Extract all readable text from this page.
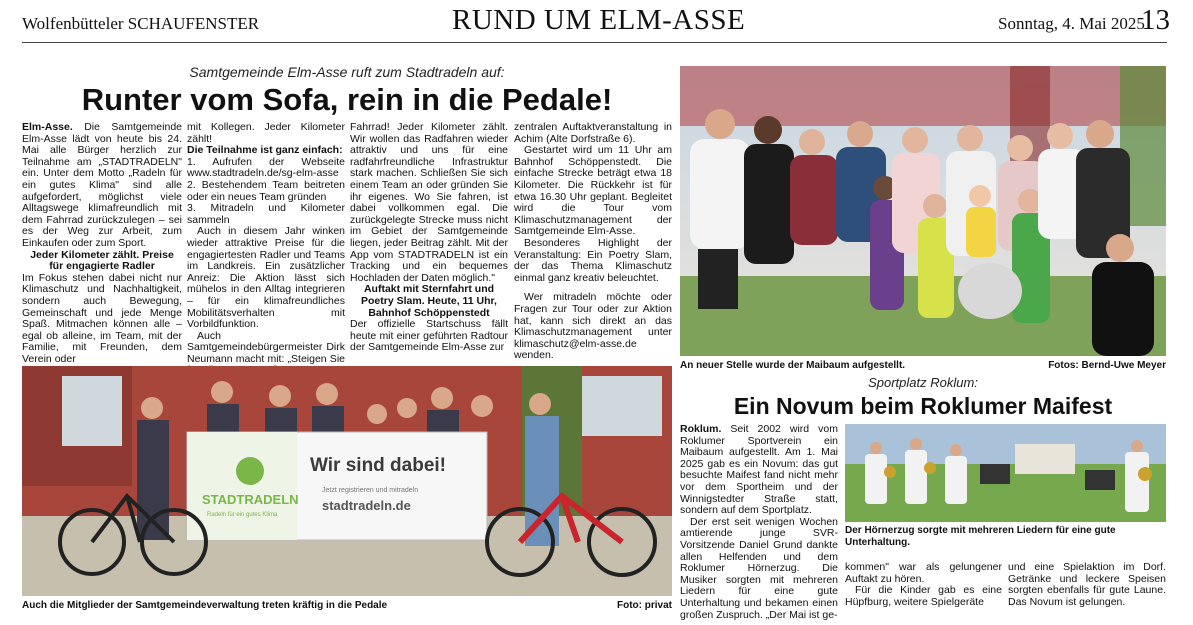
Wolfenbütteler SCHAUFENSTER	RUND UM ELM-ASSE	Sonntag, 4. Mai 2025
13
Samtgemeinde Elm-Asse ruft zum Stadtradeln auf:
Runter vom Sofa, rein in die Pedale!

Elm-Asse. Die Samtgemeinde Elm-Asse lädt von heute bis 24. Mai alle Bürger herzlich zur Teilnahme am „STADTRADELN" ein. Unter dem Motto „Radeln für ein gutes Klima" sind alle aufgefordert, möglichst viele Alltagswege klimafreundlich mit dem Fahrrad zurückzulegen – sei es der Weg zur Arbeit, zum Einkaufen oder zum Sport.

Jeder Kilometer zählt. Preise für engagierte Radler

Im Fokus stehen dabei nicht nur Klimaschutz und Nachhaltigkeit, sondern auch Bewegung, Gemeinschaft und jede Menge Spaß. Mitmachen können alle – egal ob alleine, im Team, mit der Familie, mit Freunden, dem Verein oder

mit Kollegen. Jeder Kilometer zählt!

Die Teilnahme ist ganz einfach:

1. Aufrufen der Webseite www.stadtradeln.de/sg-elm-asse

2. Bestehendem Team beitreten oder ein neues Team gründen

3. Mitradeln und Kilometer sammeln

Auch in diesem Jahr winken wieder attraktive Preise für die engagiertesten Radler und Teams im Landkreis. Ein zusätzlicher Anreiz: Die Aktion lässt sich mühelos in den Alltag integrieren – für ein klimafreundliches Mobilitätsverhalten mit Vorbildfunktion.

Auch Samtgemeindebürgermeister Dirk Neumann macht mit: „Steigen Sie

Fahrrad! Jeder Kilometer zählt. Wir wollen das Radfahren wieder attraktiv und uns für eine radfahrfreundliche Infrastruktur stark machen. Schließen Sie sich einem Team an oder gründen Sie ihr eigenes. Wo Sie fahren, ist dabei vollkommen egal. Die zurückgelegte Strecke muss nicht im Gebiet der Samtgemeinde liegen, jeder Beitrag zählt. Mit der App vom STADTRADELN ist ein Tracking und ein bequemes Hochladen der Daten möglich."

Auftakt mit Sternfahrt und Poetry Slam. Heute, 11 Uhr, Bahnhof Schöppenstedt

Der offizielle Startschuss fällt heute mit einer geführten Radtour der Samtgemeinde Elm-Asse zur

zentralen Auftaktveranstaltung in Achim (Alte Dorfstraße 6).

Gestartet wird um 11 Uhr am Bahnhof Schöppenstedt. Die einfache Strecke beträgt etwa 18 Kilometer. Die Rückkehr ist für etwa 16.30 Uhr geplant. Begleitet wird die Tour vom Klimaschutzmanagement der Samtgemeinde Elm-Asse.

Besonderes Highlight der Veranstaltung: Ein Poetry Slam, der das Thema Klimaschutz einmal ganz kreativ beleuchtet.

Wer mitradeln möchte oder Fragen zur Tour oder zur Aktion hat, kann sich direkt an das Klimaschutzmanagement unter klimaschutz@elm-asse.de wenden.

An neuer Stelle wurde der Maibaum aufgestellt.	Fotos: Bernd-Uwe Meyer
STADTRADELN
Radeln für ein gutes Klima
Wir sind dabei!
Jetzt registrieren und mitradeln
stadtradeln.de
Auch die Mitglieder der Samtgemeindeverwaltung treten kräftig in die Pedale	Foto: privat
Sportplatz Roklum:
Ein Novum beim Roklumer Maifest

Roklum. Seit 2002 wird vom Roklumer Sportverein ein Maibaum aufgestellt. Am 1. Mai 2025 gab es ein Novum: das gut besuchte Maifest fand nicht mehr vor dem Sportheim und der Winnigstedter Straße statt, sondern auf dem Sportplatz.

Der erst seit wenigen Wochen amtierende junge SVR-Vorsitzende Daniel Grund dankte allen Helfenden und dem Roklumer Hörnerzug. Die Musiker sorgten mit mehreren Liedern für eine gute Unterhaltung und bekamen einen großen Zuspruch. „Der Mai ist ge-

Der Hörnerzug sorgte mit mehreren Liedern für eine gute Unterhaltung.

kommen" war als gelungener Auftakt zu hören.

Für die Kinder gab es eine Hüpfburg, weitere Spielgeräte

und eine Spielaktion im Dorf. Getränke und leckere Speisen sorgten ebenfalls für gute Laune. Das Novum ist gelungen.
